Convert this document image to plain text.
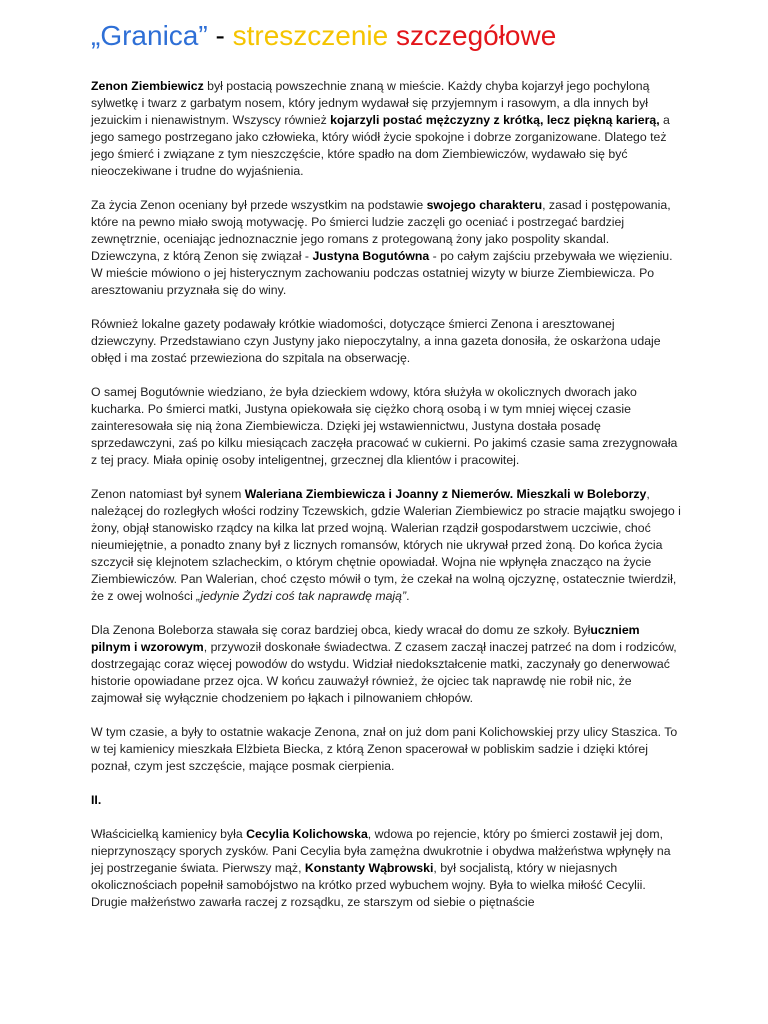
„Granica” - streszczenie szczegółowe

Zenon Ziembiewicz był postacią powszechnie znaną w mieście. Każdy chyba kojarzył jego pochyloną sylwetkę i twarz z garbatym nosem, który jednym wydawał się przyjemnym i rasowym, a dla innych był jezuickim i nienawistnym. Wszyscy również kojarzyli postać mężczyzny z krótką, lecz piękną karierą, a jego samego postrzegano jako człowieka, który wiódł życie spokojne i dobrze zorganizowane. Dlatego też jego śmierć i związane z tym nieszczęście, które spadło na dom Ziembiewiczów, wydawało się być nieoczekiwane i trudne do wyjaśnienia.

Za życia Zenon oceniany był przede wszystkim na podstawie swojego charakteru, zasad i postępowania, które na pewno miało swoją motywację. Po śmierci ludzie zaczęli go oceniać i postrzegać bardziej zewnętrznie, oceniając jednoznacznie jego romans z protegowaną żony jako pospolity skandal. Dziewczyna, z którą Zenon się związał - Justyna Bogutówna - po całym zajściu przebywała we więzieniu. W mieście mówiono o jej histerycznym zachowaniu podczas ostatniej wizyty w biurze Ziembiewicza. Po aresztowaniu przyznała się do winy.

Również lokalne gazety podawały krótkie wiadomości, dotyczące śmierci Zenona i aresztowanej dziewczyny. Przedstawiano czyn Justyny jako niepoczytalny, a inna gazeta donosiła, że oskarżona udaje obłęd i ma zostać przewieziona do szpitala na obserwację.

O samej Bogutównie wiedziano, że była dzieckiem wdowy, która służyła w okolicznych dworach jako kucharka. Po śmierci matki, Justyna opiekowała się ciężko chorą osobą i w tym mniej więcej czasie zainteresowała się nią żona Ziembiewicza. Dzięki jej wstawiennictwu, Justyna dostała posadę sprzedawczyni, zaś po kilku miesiącach zaczęła pracować w cukierni. Po jakimś czasie sama zrezygnowała z tej pracy. Miała opinię osoby inteligentnej, grzecznej dla klientów i pracowitej.

Zenon natomiast był synem Waleriana Ziembiewicza i Joanny z Niemerów. Mieszkali w Boleborzy, należącej do rozległych włości rodziny Tczewskich, gdzie Walerian Ziembiewicz po stracie majątku swojego i żony, objął stanowisko rządcy na kilka lat przed wojną. Walerian rządził gospodarstwem uczciwie, choć nieumiejętnie, a ponadto znany był z licznych romansów, których nie ukrywał przed żoną. Do końca życia szczycił się klejnotem szlacheckim, o którym chętnie opowiadał. Wojna nie wpłynęła znacząco na życie Ziembiewiczów. Pan Walerian, choć często mówił o tym, że czekał na wolną ojczyznę, ostatecznie twierdził, że z owej wolności „jedynie Żydzi coś tak naprawdę mają”.

Dla Zenona Boleborza stawała się coraz bardziej obca, kiedy wracał do domu ze szkoły. Byłuczniem pilnym i wzorowym, przywoził doskonałe świadectwa. Z czasem zaczął inaczej patrzeć na dom i rodziców, dostrzegając coraz więcej powodów do wstydu. Widział niedokształcenie matki, zaczynały go denerwować historie opowiadane przez ojca. W końcu zauważył również, że ojciec tak naprawdę nie robił nic, że zajmował się wyłącznie chodzeniem po łąkach i pilnowaniem chłopów.

W tym czasie, a były to ostatnie wakacje Zenona, znał on już dom pani Kolichowskiej przy ulicy Staszica. To w tej kamienicy mieszkała Elżbieta Biecka, z którą Zenon spacerował w pobliskim sadzie i dzięki której poznał, czym jest szczęście, mające posmak cierpienia.

II.

Właścicielką kamienicy była Cecylia Kolichowska, wdowa po rejencie, który po śmierci zostawił jej dom, nieprzynoszący sporych zysków. Pani Cecylia była zamężna dwukrotnie i obydwa małżeństwa wpłynęły na jej postrzeganie świata. Pierwszy mąż, Konstanty Wąbrowski, był socjalistą, który w niejasnych okolicznościach popełnił samobójstwo na krótko przed wybuchem wojny. Była to wielka miłość Cecylii. Drugie małżeństwo zawarła raczej z rozsądku, ze starszym od siebie o piętnaście
